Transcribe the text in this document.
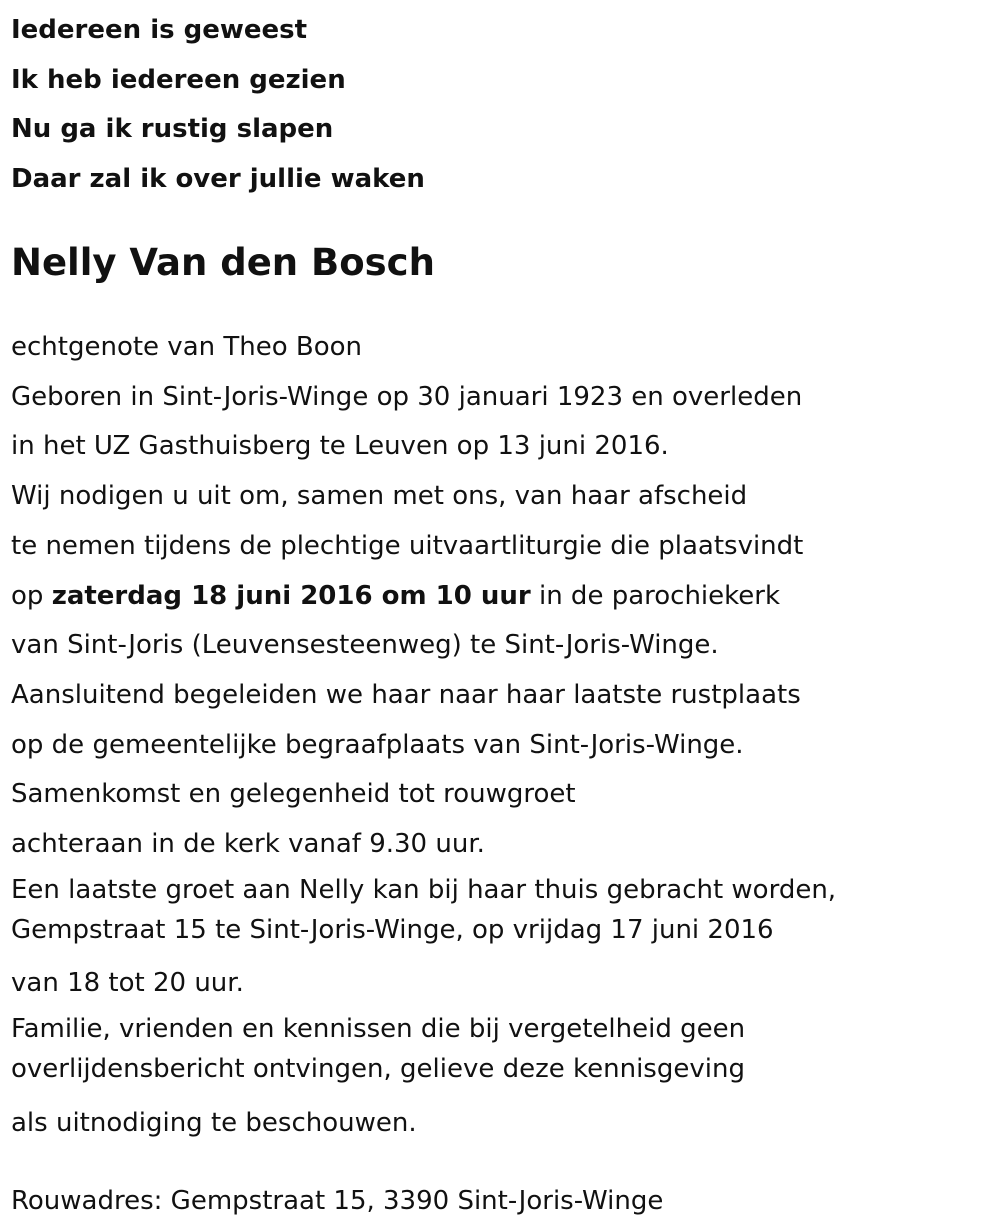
Iedereen is geweest
Ik heb iedereen gezien
Nu ga ik rustig slapen
Daar zal ik over jullie waken
Nelly Van den Bosch
echtgenote van Theo Boon
Geboren in Sint-Joris-Winge op 30 januari 1923 en overleden
in het UZ Gasthuisberg te Leuven op 13 juni 2016.
Wij nodigen u uit om, samen met ons, van haar afscheid
te nemen tijdens de plechtige uitvaartliturgie die plaatsvindt
op zaterdag 18 juni 2016 om 10 uur in de parochiekerk
van Sint-Joris (Leuvensesteenweg) te Sint-Joris-Winge.
Aansluitend begeleiden we haar naar haar laatste rustplaats
op de gemeentelijke begraafplaats van Sint-Joris-Winge.
Samenkomst en gelegenheid tot rouwgroet
achteraan in de kerk vanaf 9.30 uur.
Een laatste groet aan Nelly kan bij haar thuis gebracht worden,
Gempstraat 15 te Sint-Joris-Winge, op vrijdag 17 juni 2016
van 18 tot 20 uur.
Familie, vrienden en kennissen die bij vergetelheid geen
overlijdensbericht ontvingen, gelieve deze kennisgeving
als uitnodiging te beschouwen.
Rouwadres: Gempstraat 15, 3390 Sint-Joris-Winge
